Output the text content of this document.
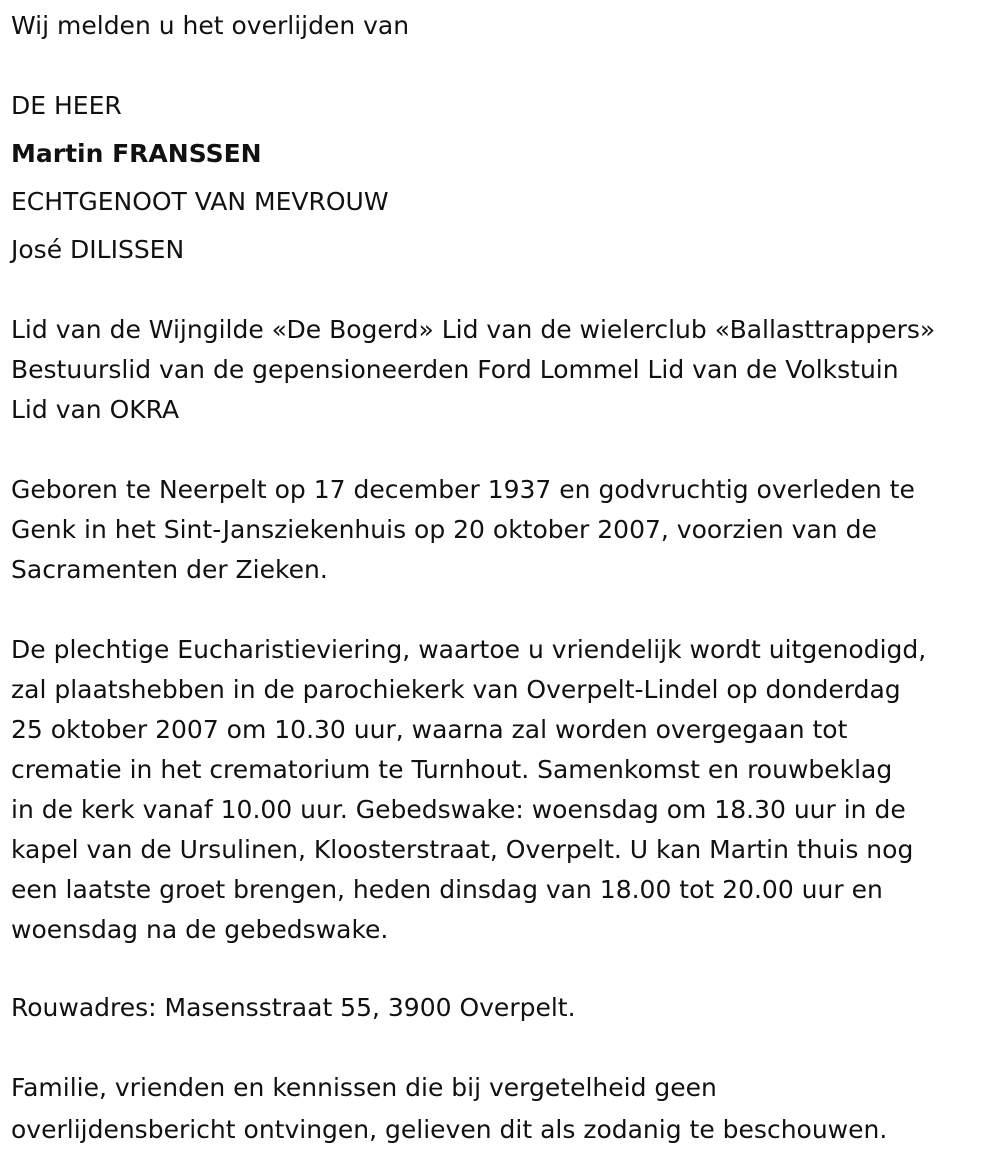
Wij melden u het overlijden van

DE HEER

Martin FRANSSEN

ECHTGENOOT VAN MEVROUW

José DILISSEN

Lid van de Wijngilde «De Bogerd» Lid van de wielerclub «Ballasttrappers»

Bestuurslid van de gepensioneerden Ford Lommel Lid van de Volkstuin

Lid van OKRA

Geboren te Neerpelt op 17 december 1937 en godvruchtig overleden te

Genk in het Sint-Jansziekenhuis op 20 oktober 2007, voorzien van de

Sacramenten der Zieken.

De plechtige Eucharistieviering, waartoe u vriendelijk wordt uitgenodigd,

zal plaatshebben in de parochiekerk van Overpelt-Lindel op donderdag

25 oktober 2007 om 10.30 uur, waarna zal worden overgegaan tot

crematie in het crematorium te Turnhout. Samenkomst en rouwbeklag

in de kerk vanaf 10.00 uur. Gebedswake: woensdag om 18.30 uur in de

kapel van de Ursulinen, Kloosterstraat, Overpelt. U kan Martin thuis nog

een laatste groet brengen, heden dinsdag van 18.00 tot 20.00 uur en

woensdag na de gebedswake.

Rouwadres: Masensstraat 55, 3900 Overpelt.

Familie, vrienden en kennissen die bij vergetelheid geen

overlijdensbericht ontvingen, gelieven dit als zodanig te beschouwen.
